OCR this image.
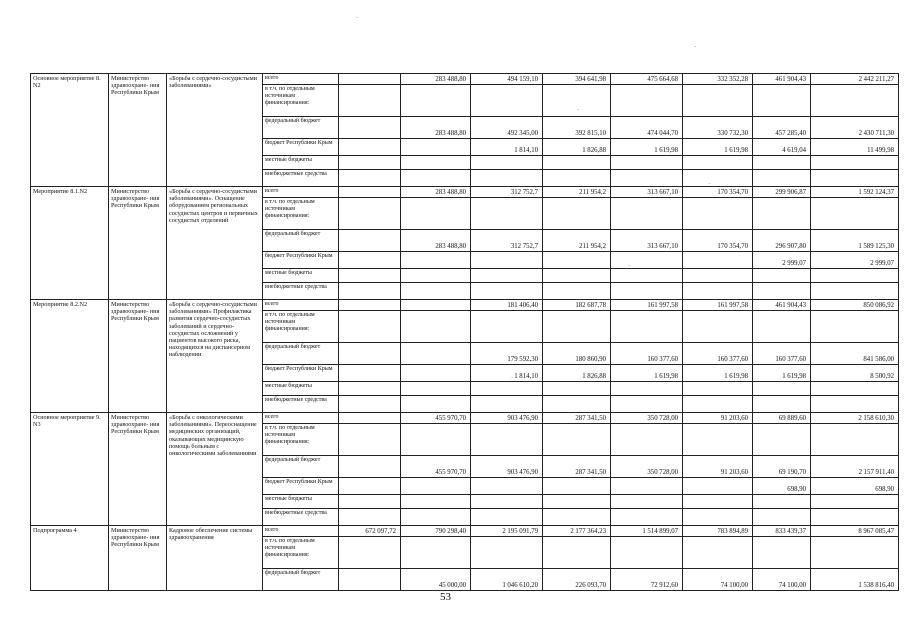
Основное мероприятие 8. N2	Министерство здравоохране- ния Республики Крым	«Борьба с сердечно-сосудистыми заболеваниями»	всего		283 488,80	494 159,10	394 641,98	475 664,68	332 352,28	461 904,43	2 442 211,27
			в т.ч. по отдельным источникам финансирования:								
			федеральный бюджет		283 488,80	492 345,00	392 815,10	474 044,70	330 732,30	457 285,40	2 430 711,30
			бюджет Республики Крым			1 814,10	1 826,88	1 619,98	1 619,98	4 619,04	11 499,98
			местные бюджеты								
			внебюджетные средства								
Мероприятие 8.1.N2	Министерство здравоохране- ния Республики Крым	«Борьба с сердечно-сосудистыми заболеваниями». Оснащение оборудованием региональных сосудистых центров и первичных сосудистых отделений	всего		283 488,80	312 752,7	211 954,2	313 667,10	170 354,70	299 906,87	1 592 124,37
			в т.ч. по отдельным источникам финансирования:								
			федеральный бюджет		283 488,80	312 752,7	211 954,2	313 667,10	170 354,70	296 907,80	1 589 125,30
			бюджет Республики Крым							2 999,07	2 999,07
			местные бюджеты								
			внебюджетные средства								
Мероприятие 8.2.N2	Министерство здравоохране- ния Республики Крым	«Борьба с сердечно-сосудистыми заболеваниями» Профилактика развития сердечно-сосудистых заболеваний и сердечно-сосудистых осложнений у пациентов высокого риска, находящихся на диспансерном наблюдении	всего			181 406,40	182 687,78	161 997,58	161 997,58	461 904,43	850 086,92
			в т.ч. по отдельным источникам финансирования:								
			федеральный бюджет			179 592,30	180 860,90	160 377,60	160 377,60	160 377,60	841 586,00
			бюджет Республики Крым			1 814,10	1 826,88	1 619,98	1 619,98	1 619,98	8 500,92
			местные бюджеты								
			внебюджетные средства								
Основное мероприятие 9. N3	Министерство здравоохране- ния Республики Крым	«Борьба с онкологическими заболеваниями». Переоснащение медицинских организаций, оказывающих медицинскую помощь больным с онкологическими заболеваниями	всего		455 970,70	903 476,90	287 341,50	350 728,00	91 203,60	69 889,60	2 158 610,30
			в т.ч. по отдельным источникам финансирования:								
			федеральный бюджет		455 970,70	903 476,90	287 341,50	350 728,00	91 203,60	69 190,70	2 157 911,40
			бюджет Республики Крым							698,90	698,90
			местные бюджеты								
			внебюджетные средства								
Подпрограмма 4	Министерство здравоохране- ния Республики Крым	Кадровое обеспечение системы здравоохранения	всего	672 097,72	790 298,40	2 195 091,79	2 177 364,23	1 514 899,07	783 894,89	833 439,37	8 967 085,47
			в т.ч. по отдельным источникам финансирования:								
			федеральный бюджет		45 000,00	1 046 610,20	226 093,70	72 912,60	74 100,00	74 100,00	1 538 816,40
53
·
·
·
·
·
·
